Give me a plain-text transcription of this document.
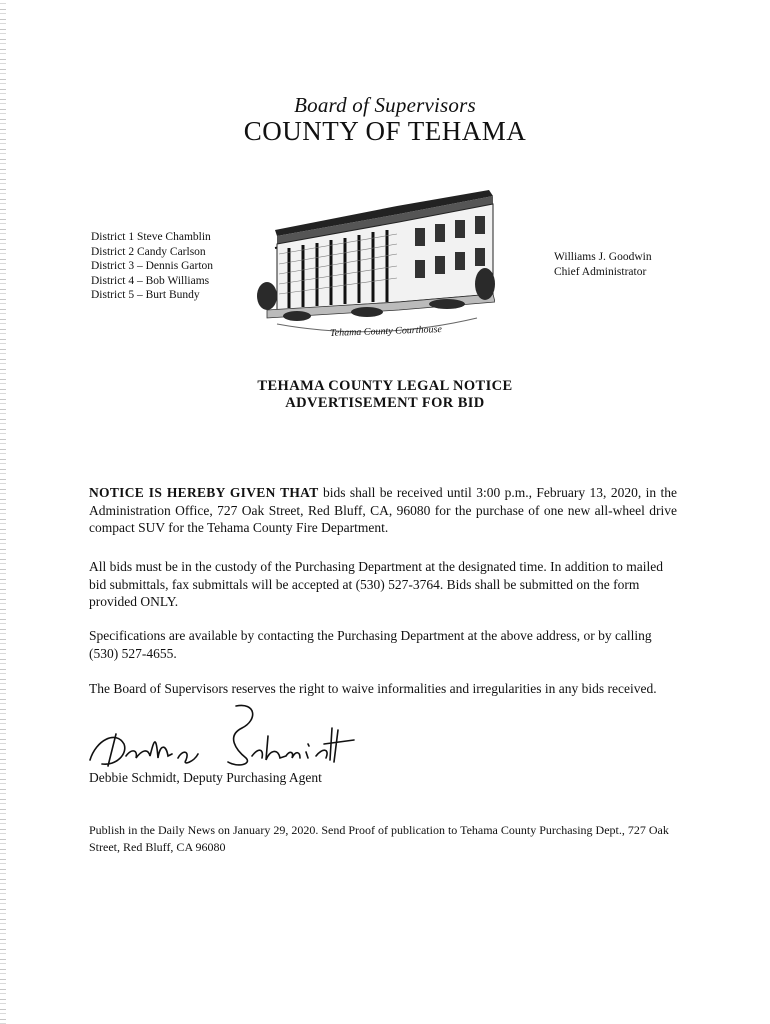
Board of Supervisors
COUNTY OF TEHAMA
District 1 Steve Chamblin
District 2 Candy Carlson
District 3 – Dennis Garton
District 4 – Bob Williams
District 5 – Burt Bundy
Tehama County Courthouse
Williams J. Goodwin
Chief Administrator
TEHAMA COUNTY LEGAL NOTICE
ADVERTISEMENT FOR BID
NOTICE IS HEREBY GIVEN THAT bids shall be received until 3:00 p.m., February 13, 2020, in the Administration Office, 727 Oak Street, Red Bluff, CA, 96080 for the purchase of one new all-wheel drive compact SUV for the Tehama County Fire Department.
All bids must be in the custody of the Purchasing Department at the designated time. In addition to mailed bid submittals, fax submittals will be accepted at (530) 527-3764. Bids shall be submitted on the form provided ONLY.
Specifications are available by contacting the Purchasing Department at the above address, or by calling (530) 527-4655.
The Board of Supervisors reserves the right to waive informalities and irregularities in any bids received.
Debbie Schmidt, Deputy Purchasing Agent
Publish in the Daily News on January 29, 2020. Send Proof of publication to Tehama County Purchasing Dept., 727 Oak Street, Red Bluff, CA 96080
